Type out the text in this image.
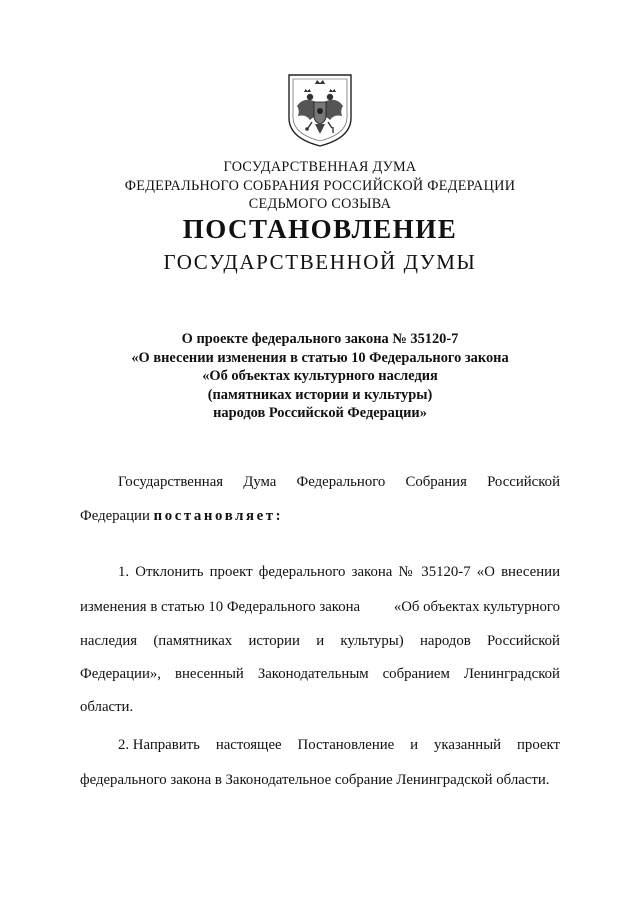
ГОСУДАРСТВЕННАЯ ДУМА
ФЕДЕРАЛЬНОГО СОБРАНИЯ РОССИЙСКОЙ ФЕДЕРАЦИИ
СЕДЬМОГО СОЗЫВА
ПОСТАНОВЛЕНИЕ
ГОСУДАРСТВЕННОЙ ДУМЫ
О проекте федерального закона № 35120-7
«О внесении изменения в статью 10 Федерального закона
«Об объектах культурного наследия
(памятниках истории и культуры)
народов Российской Федерации»
Государственная Дума Федерального Собрания Российской
Федерации постановляет:
1. Отклонить проект федерального закона № 35120-7 «О внесении
изменения в статью 10 Федерального закона «Об объектах культурного
наследия (памятниках истории и культуры) народов Российской
Федерации», внесенный Законодательным собранием Ленинградской
области.
2. Направить настоящее Постановление и указанный проект
федерального закона в Законодательное собрание Ленинградской области.
